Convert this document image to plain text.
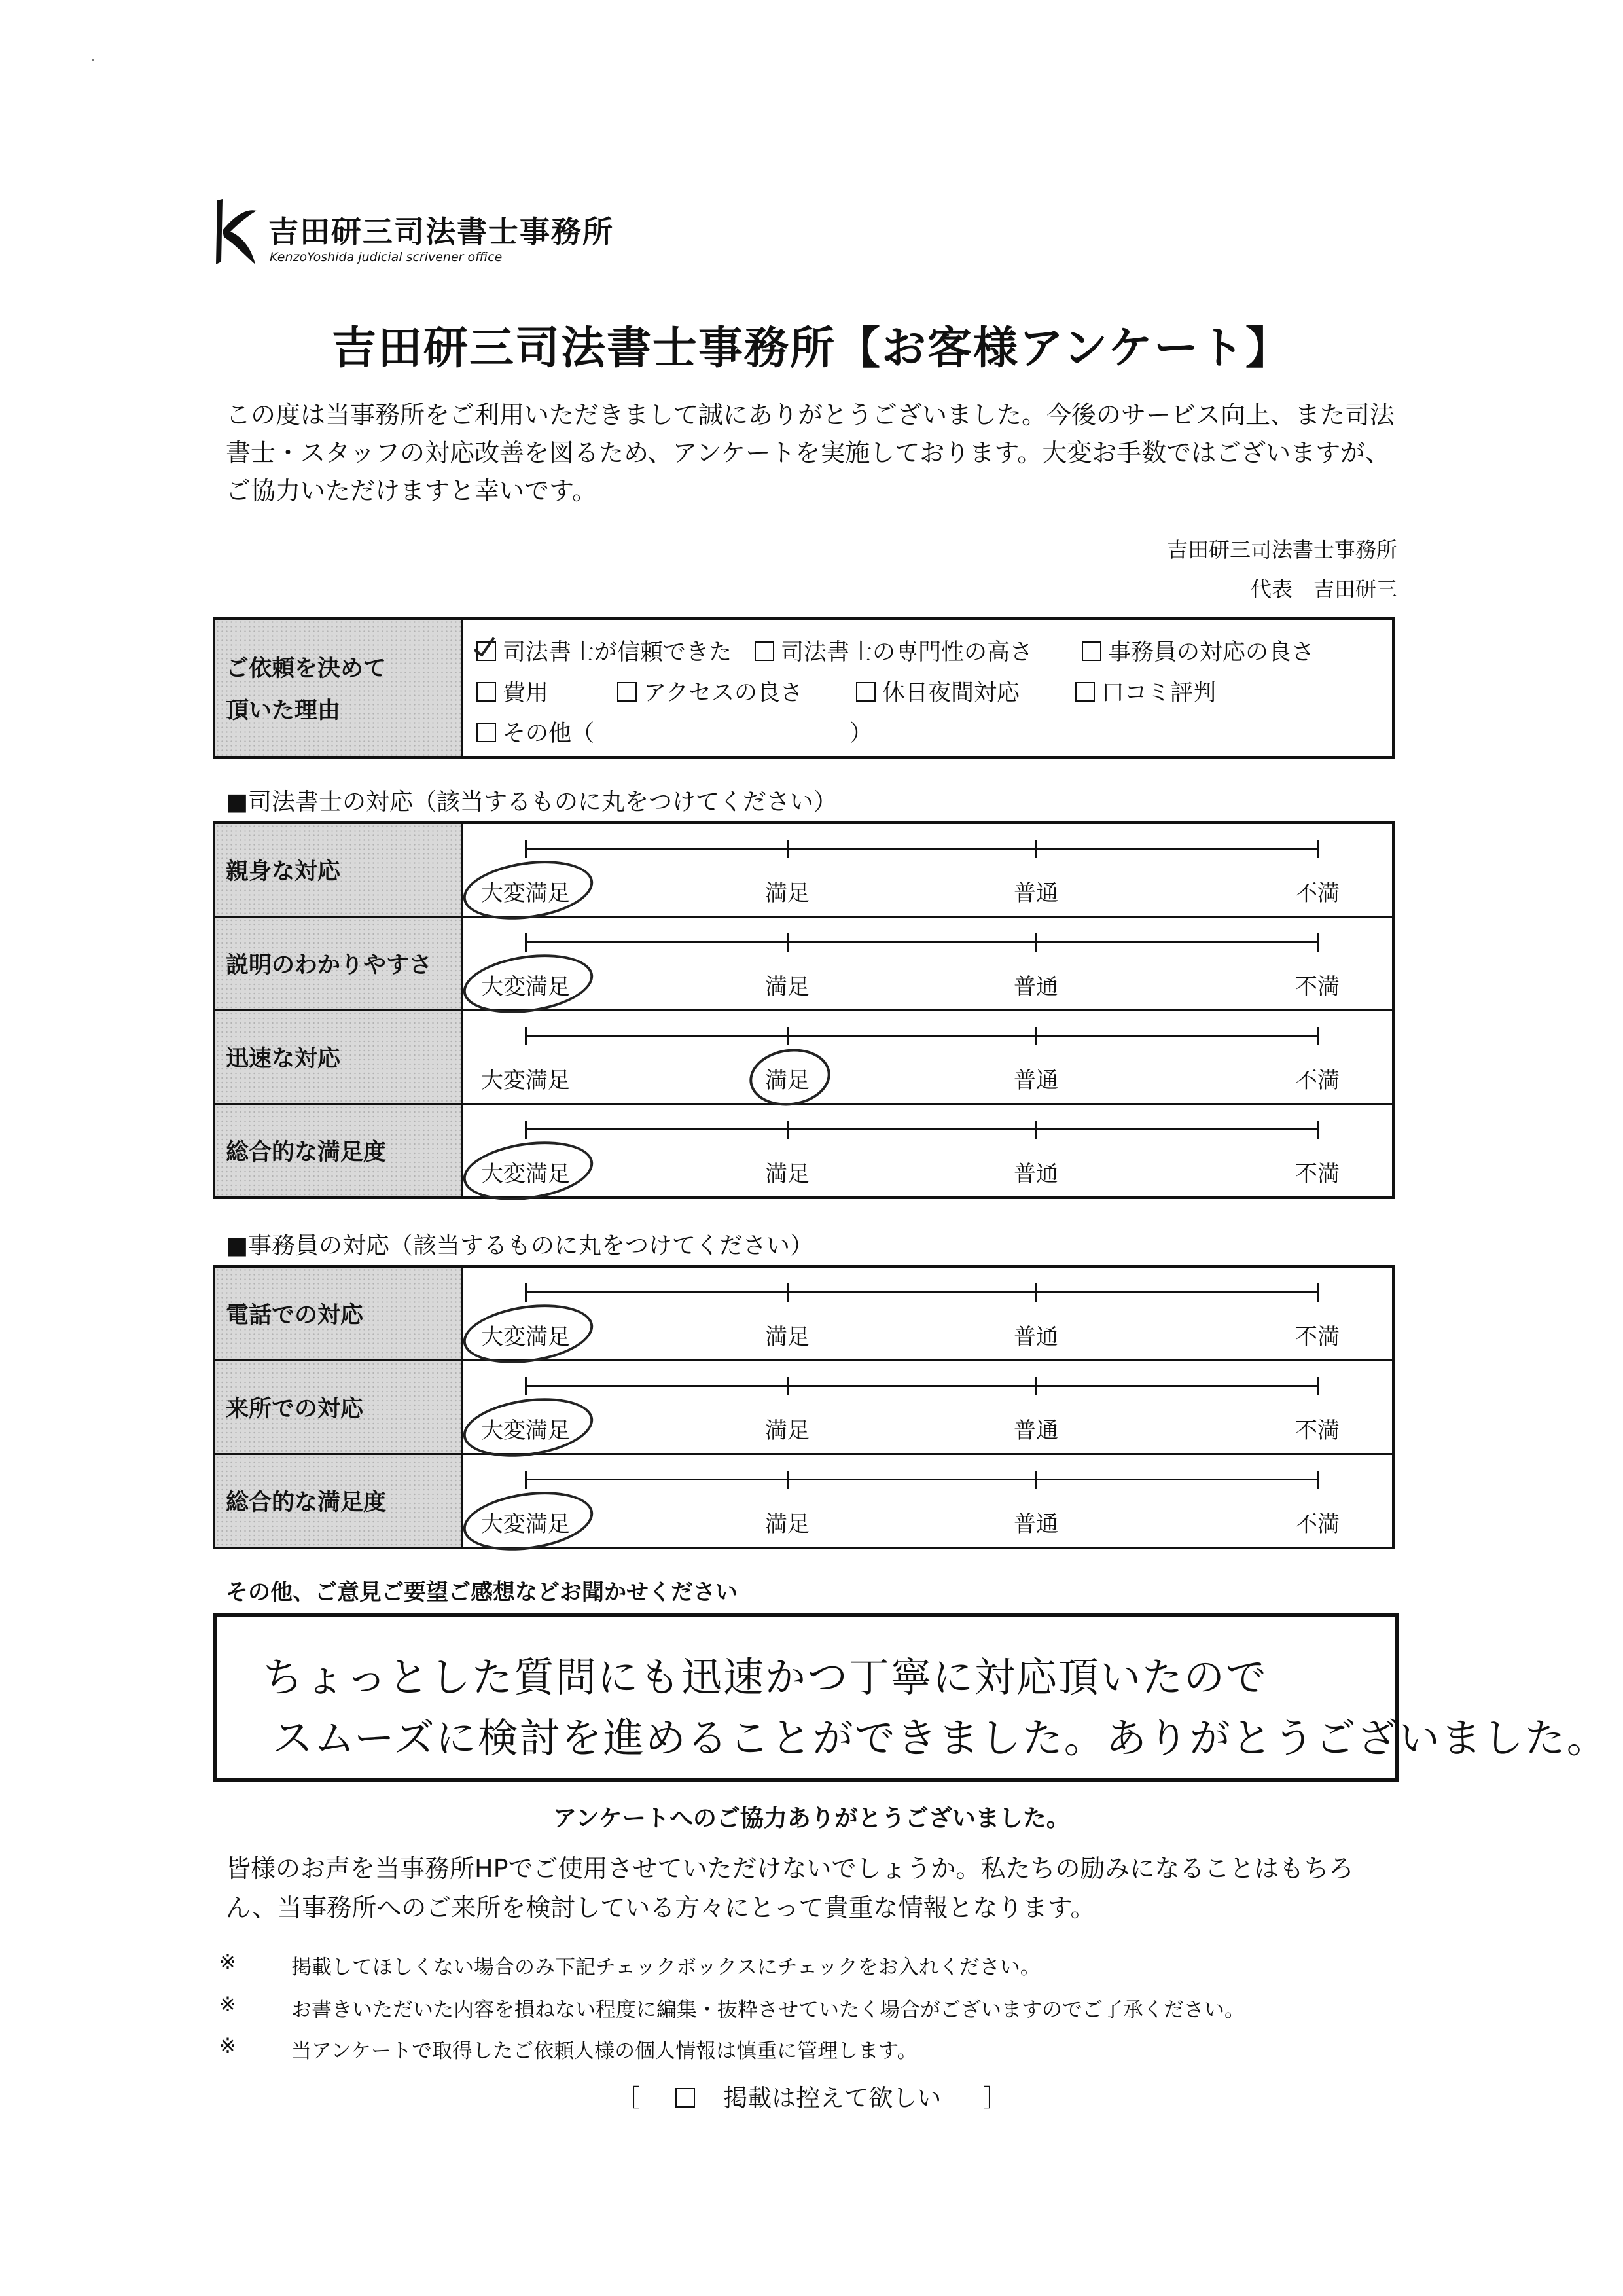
吉田研三司法書士事務所
KenzoYoshida judicial scrivener office
吉田研三司法書士事務所【お客様アンケート】
この度は当事務所をご利用いただきまして誠にありがとうございました。今後のサービス向上、また司法書士・スタッフの対応改善を図るため、アンケートを実施しております。大変お手数ではございますが、ご協力いただけますと幸いです。
吉田研三司法書士事務所
代表　吉田研三
ご依頼を決めて
頂いた理由

司法書士が信頼できた	司法書士の専門性の高さ	事務員の対応の良さ
費用	アクセスの良さ	休日夜間対応	口コミ評判
その他（	）
■司法書士の対応（該当するものに丸をつけてください）
親身な対応	大変満足 満足 普通 不満

説明のわかりやすさ	大変満足 満足 普通 不満

迅速な対応	大変満足 満足 普通 不満

総合的な満足度	大変満足 満足 普通 不満
■事務員の対応（該当するものに丸をつけてください）
電話での対応	大変満足 満足 普通 不満

来所での対応	大変満足 満足 普通 不満

総合的な満足度	大変満足 満足 普通 不満
その他、ご意見ご要望ご感想などお聞かせください
ちょっとした質問にも迅速かつ丁寧に対応頂いたので
スムーズに検討を進めることができました。ありがとうございました。
アンケートへのご協力ありがとうございました。
皆様のお声を当事務所HPでご使用させていただけないでしょうか。私たちの励みになることはもちろん、当事務所へのご来所を検討している方々にとって貴重な情報となります。
※	掲載してほしくない場合のみ下記チェックボックスにチェックをお入れください。
※	お書きいただいた内容を損ねない程度に編集・抜粋させていたく場合がございますのでご了承ください。
※	当アンケートで取得したご依頼人様の個人情報は慎重に管理します。
［	掲載は控えて欲しい ］
